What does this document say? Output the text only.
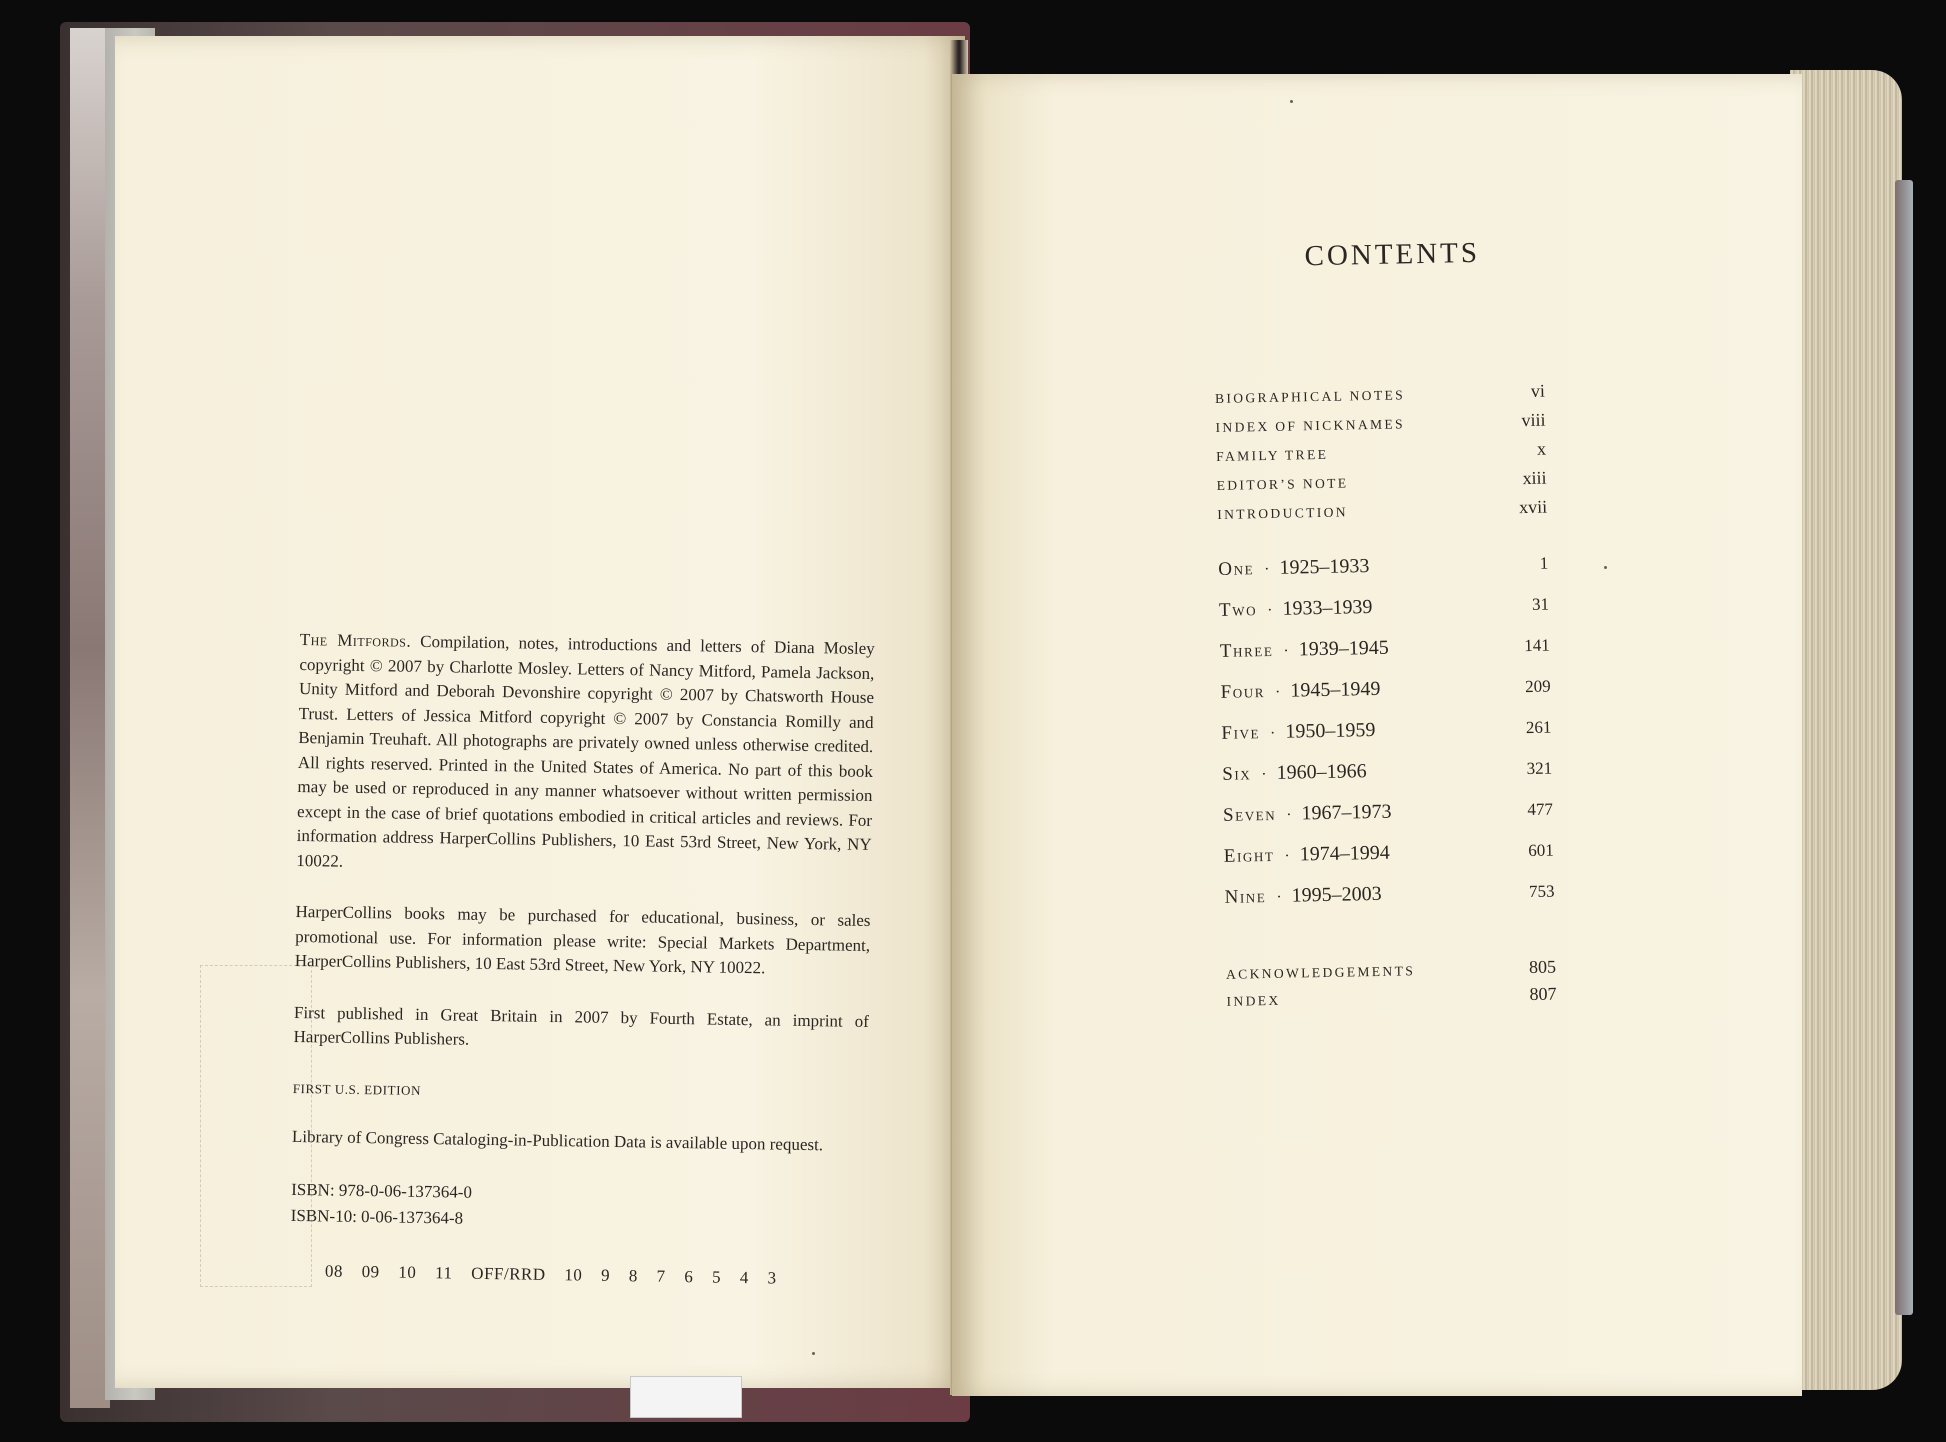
The Mitfords. Compilation, notes, introductions and letters of Diana Mosley copyright © 2007 by Charlotte Mosley. Letters of Nancy Mitford, Pamela Jackson, Unity Mitford and Deborah Devonshire copyright © 2007 by Chatsworth House Trust. Letters of Jessica Mitford copyright © 2007 by Constancia Romilly and Benjamin Treuhaft. All photographs are privately owned unless otherwise credited. All rights reserved. Printed in the United States of America. No part of this book may be used or reproduced in any manner whatsoever without written permission except in the case of brief quotations embodied in critical articles and reviews. For information address HarperCollins Publishers, 10 East 53rd Street, New York, NY 10022.

HarperCollins books may be purchased for educational, business, or sales promotional use. For information please write: Special Markets Department, HarperCollins Publishers, 10 East 53rd Street, New York, NY 10022.

First published in Great Britain in 2007 by Fourth Estate, an imprint of HarperCollins Publishers.

FIRST U.S. EDITION

Library of Congress Cataloging-in-Publication Data is available upon request.

ISBN: 978-0-06-137364-0
ISBN-10: 0-06-137364-8

08 09 10 11 OFF/RRD 10 9 8 7 6 5 4 3

CONTENTS
BIOGRAPHICAL NOTES	vi
INDEX OF NICKNAMES	viii
FAMILY TREE	x
EDITOR’S NOTE	xiii
INTRODUCTION	xvii
One · 1925–1933	1
Two · 1933–1939	31
Three · 1939–1945	141
Four · 1945–1949	209
Five · 1950–1959	261
Six · 1960–1966	321
Seven · 1967–1973	477
Eight · 1974–1994	601
Nine · 1995–2003	753
ACKNOWLEDGEMENTS	805
INDEX	807
